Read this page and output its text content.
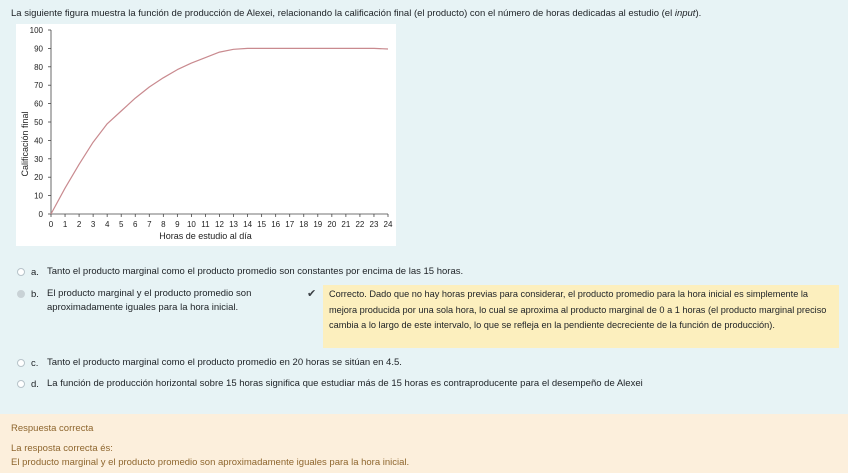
La siguiente figura muestra la función de producción de Alexei, relacionando la calificación final (el producto) con el número de horas dedicadas al estudio (el input).
0 1 2 3 4 5 6 7 8 9 10 11 12 13 14 15 16 17 18 19 20 21 22 23 24
0
10
20
30
40
50
60
70
80
90
100
Horas de estudio al día
Calificación final
a. Tanto el producto marginal como el producto promedio son constantes por encima de las 15 horas.
b. El producto marginal y el producto promedio son aproximadamente iguales para la hora inicial.
✔	Correcto. Dado que no hay horas previas para considerar, el producto promedio para la hora inicial es simplemente la mejora producida por una sola hora, lo cual se aproxima al producto marginal de 0 a 1 horas (el producto marginal preciso cambia a lo largo de este intervalo, lo que se refleja en la pendiente decreciente de la función de producción).
c. Tanto el producto marginal como el producto promedio en 20 horas se sitúan en 4.5.
d. La función de producción horizontal sobre 15 horas significa que estudiar más de 15 horas es contraproducente para el desempeño de Alexei
Respuesta correcta
La resposta correcta és:
El producto marginal y el producto promedio son aproximadamente iguales para la hora inicial.
